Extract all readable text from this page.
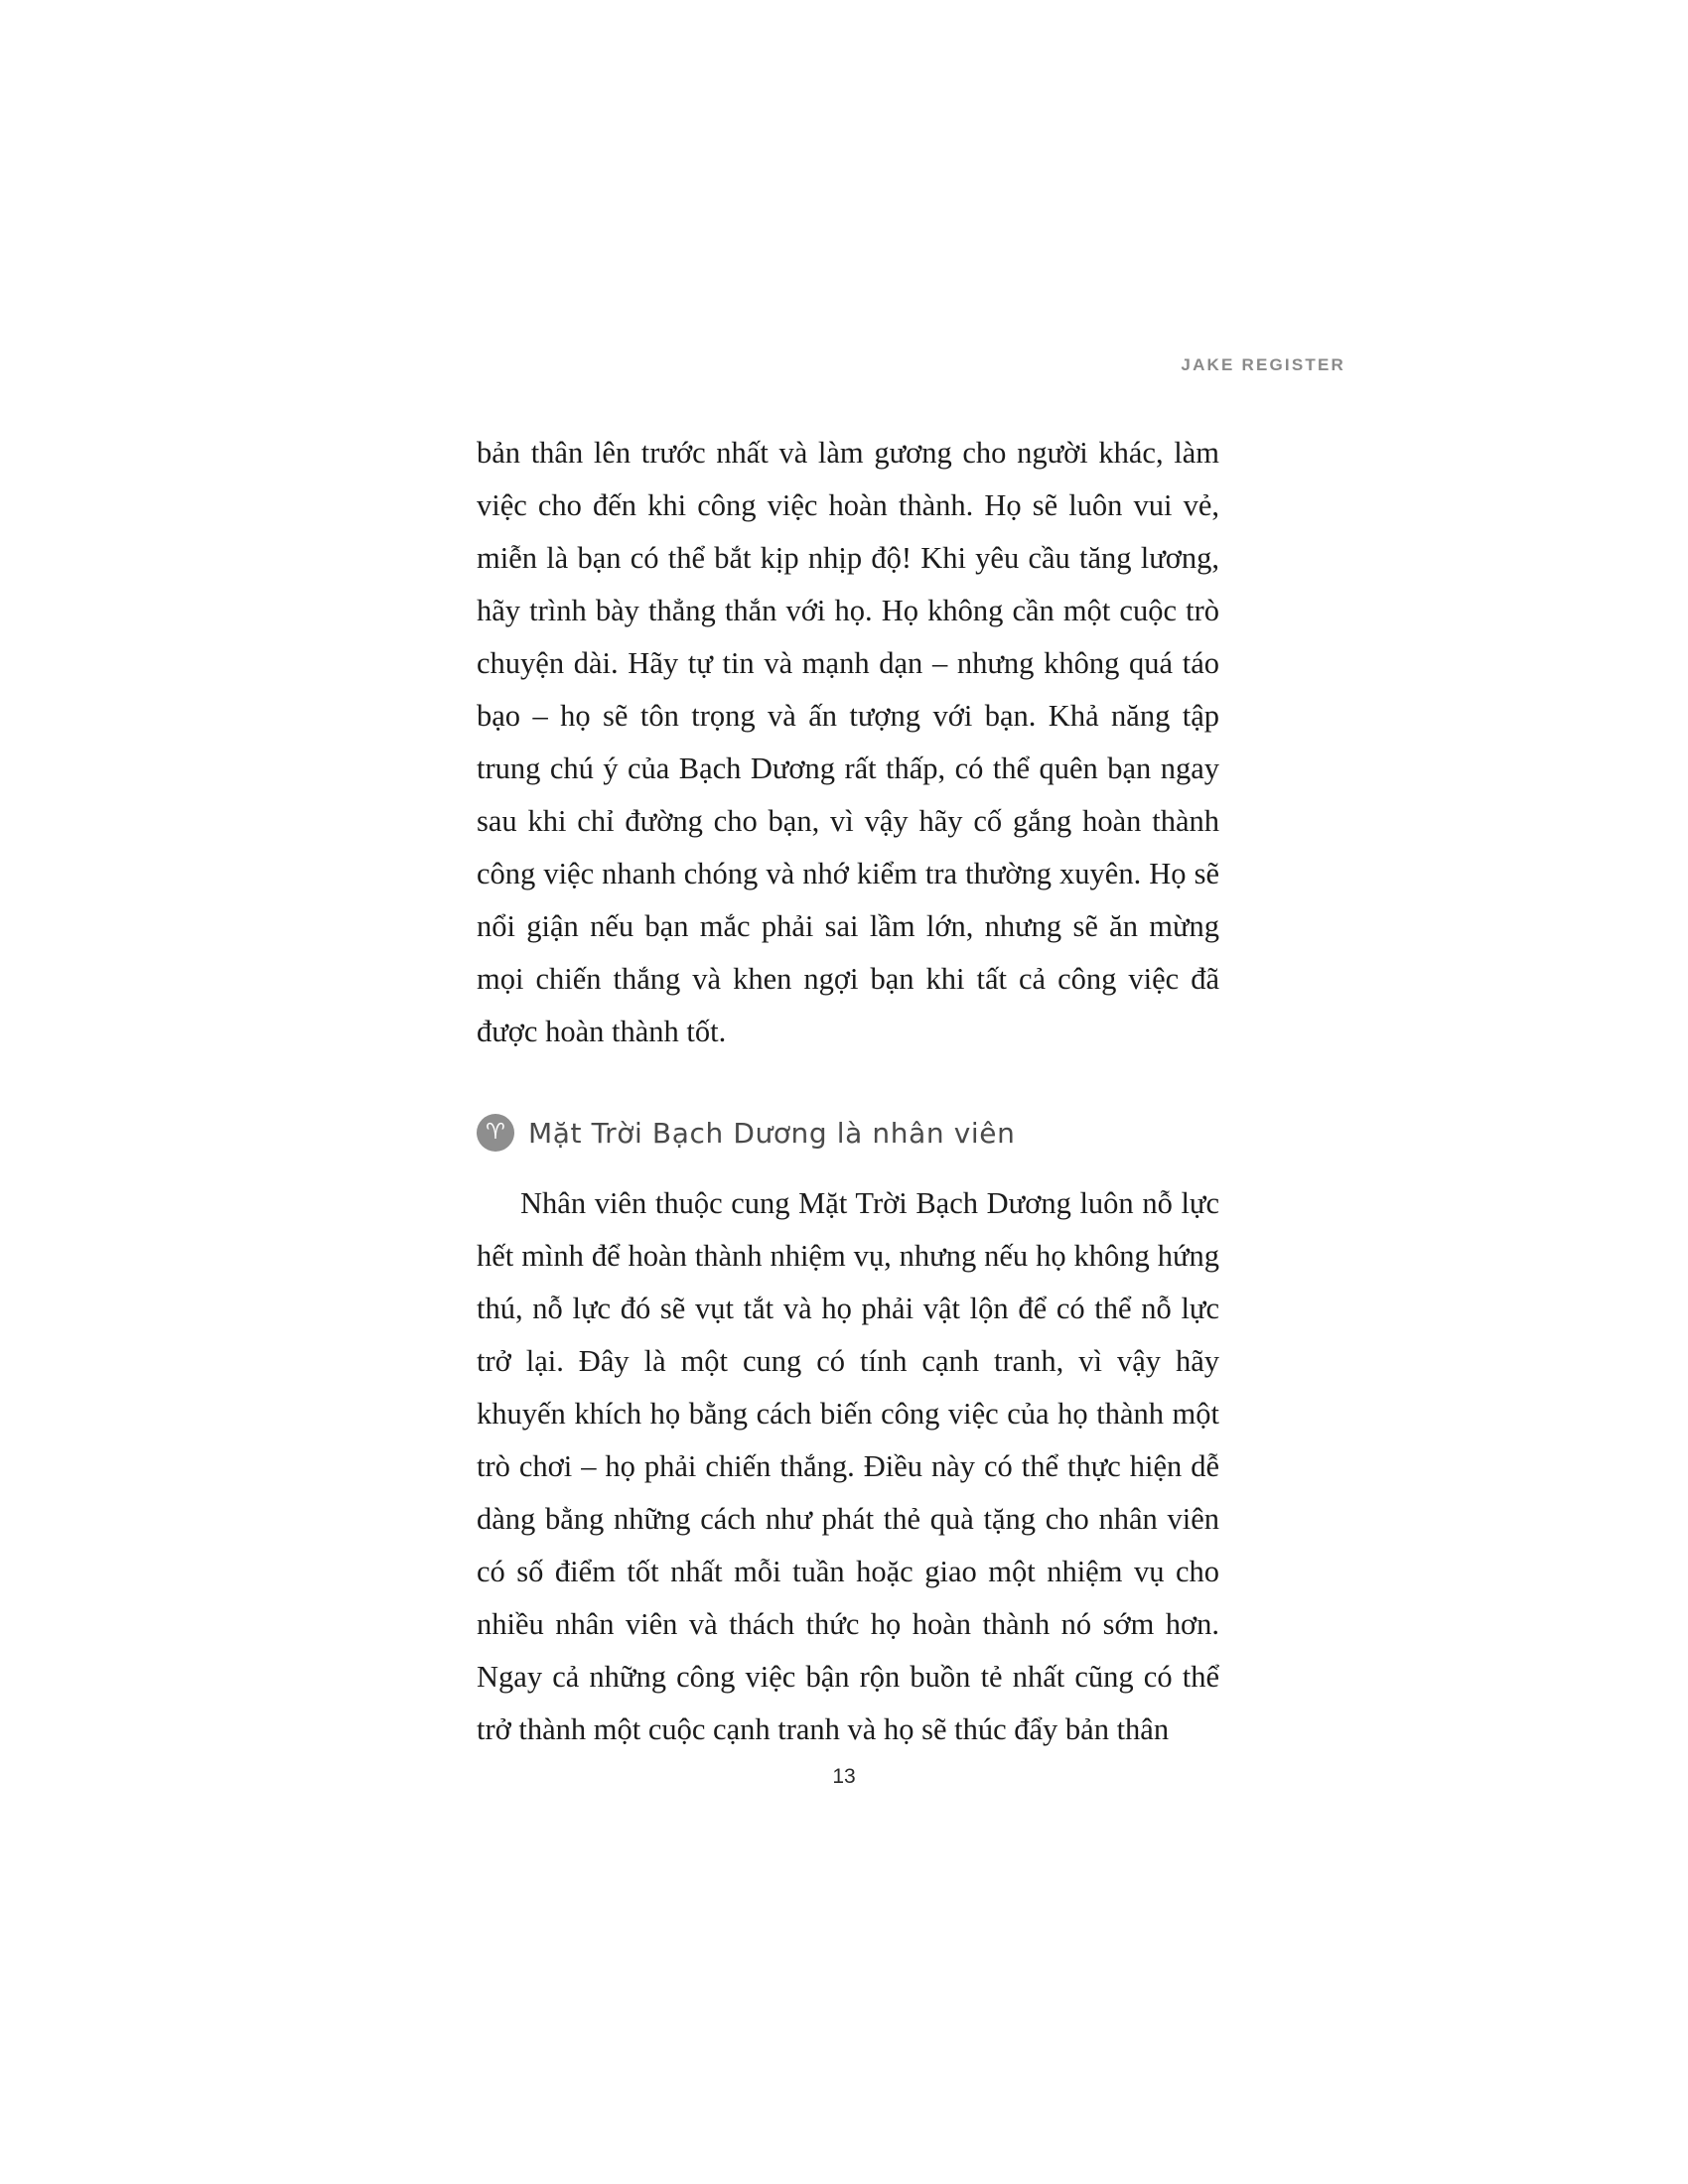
JAKE REGISTER

bản thân lên trước nhất và làm gương cho người khác, làm việc cho đến khi công việc hoàn thành. Họ sẽ luôn vui vẻ, miễn là bạn có thể bắt kịp nhịp độ! Khi yêu cầu tăng lương, hãy trình bày thẳng thắn với họ. Họ không cần một cuộc trò chuyện dài. Hãy tự tin và mạnh dạn – nhưng không quá táo bạo – họ sẽ tôn trọng và ấn tượng với bạn. Khả năng tập trung chú ý của Bạch Dương rất thấp, có thể quên bạn ngay sau khi chỉ đường cho bạn, vì vậy hãy cố gắng hoàn thành công việc nhanh chóng và nhớ kiểm tra thường xuyên. Họ sẽ nổi giận nếu bạn mắc phải sai lầm lớn, nhưng sẽ ăn mừng mọi chiến thắng và khen ngợi bạn khi tất cả công việc đã được hoàn thành tốt.

♈ Mặt Trời Bạch Dương là nhân viên

Nhân viên thuộc cung Mặt Trời Bạch Dương luôn nỗ lực hết mình để hoàn thành nhiệm vụ, nhưng nếu họ không hứng thú, nỗ lực đó sẽ vụt tắt và họ phải vật lộn để có thể nỗ lực trở lại. Đây là một cung có tính cạnh tranh, vì vậy hãy khuyến khích họ bằng cách biến công việc của họ thành một trò chơi – họ phải chiến thắng. Điều này có thể thực hiện dễ dàng bằng những cách như phát thẻ quà tặng cho nhân viên có số điểm tốt nhất mỗi tuần hoặc giao một nhiệm vụ cho nhiều nhân viên và thách thức họ hoàn thành nó sớm hơn. Ngay cả những công việc bận rộn buồn tẻ nhất cũng có thể trở thành một cuộc cạnh tranh và họ sẽ thúc đẩy bản thân

13
